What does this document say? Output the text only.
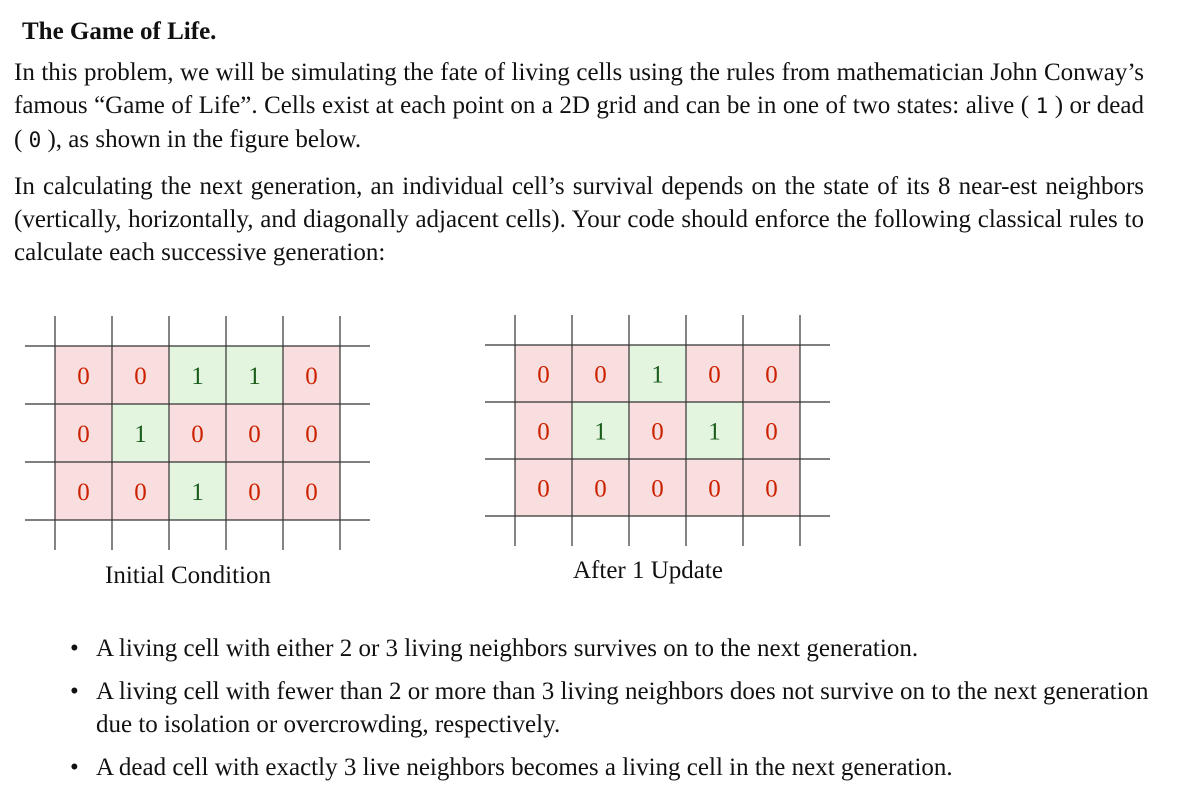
The Game of Life.

In this problem, we will be simulating the fate of living cells using the rules from mathematician John Conway’s famous “Game of Life”. Cells exist at each point on a 2D grid and can be in one of two states: alive ( 1 ) or dead ( 0 ), as shown in the figure below.

In calculating the next generation, an individual cell’s survival depends on the state of its 8 near-est neighbors (vertically, horizontally, and diagonally adjacent cells). Your code should enforce the following classical rules to calculate each successive generation:

0 0 1 1 0
0 1 0 0 0
0 0 1 0 0
0 0 1 0 0
0 1 0 1 0
0 0 0 0 0

Initial Condition	After 1 Update

• A living cell with either 2 or 3 living neighbors survives on to the next generation.
• A living cell with fewer than 2 or more than 3 living neighbors does not survive on to the next generation due to isolation or overcrowding, respectively.
• A dead cell with exactly 3 live neighbors becomes a living cell in the next generation.
